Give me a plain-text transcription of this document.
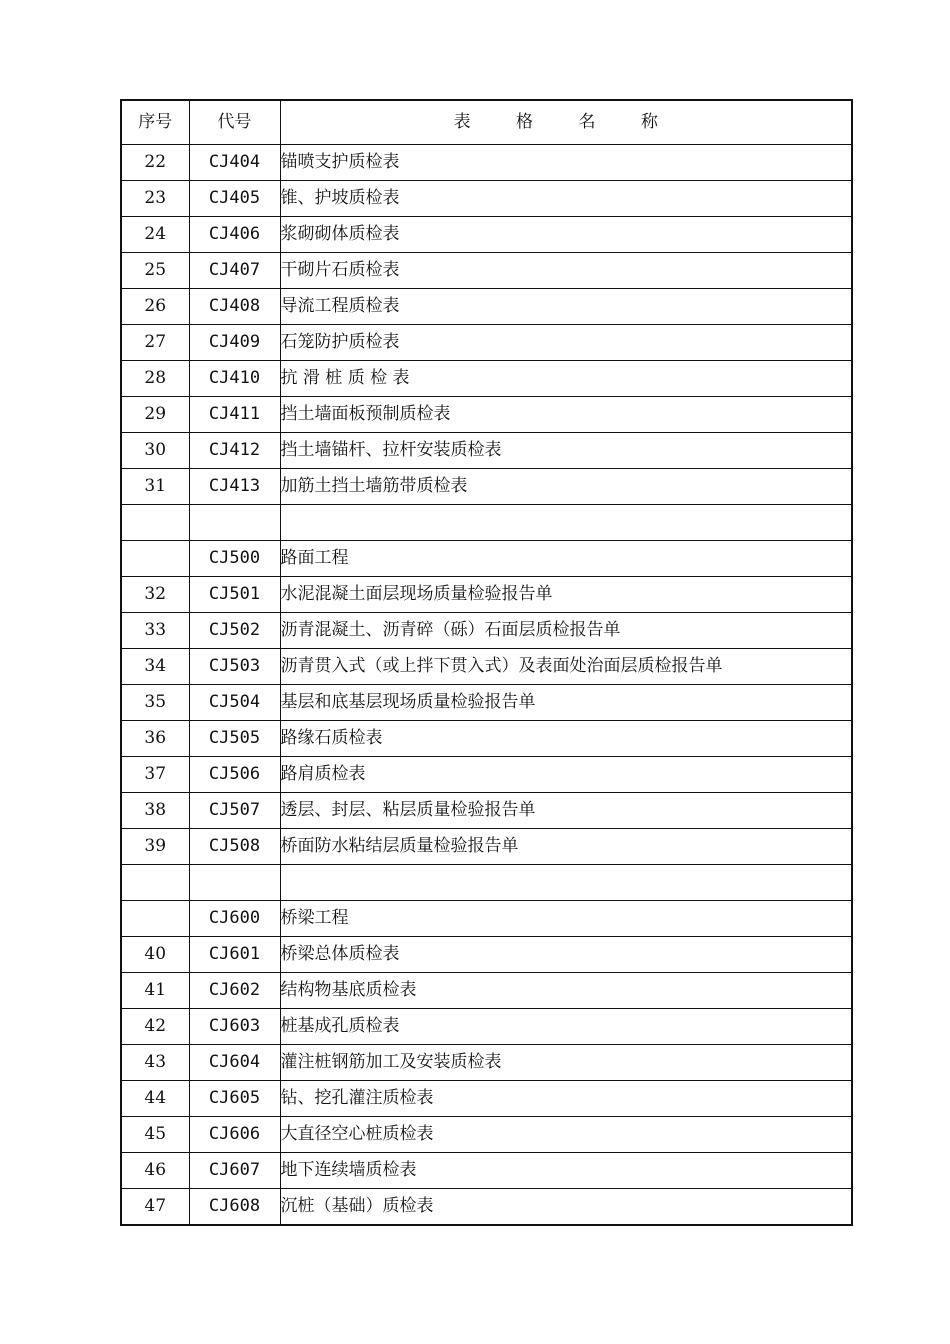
序号	代号	表 格 名 称
22	CJ404	锚喷支护质检表
23	CJ405	锥、护坡质检表
24	CJ406	浆砌砌体质检表
25	CJ407	干砌片石质检表
26	CJ408	导流工程质检表
27	CJ409	石笼防护质检表
28	CJ410	抗 滑 桩 质 检 表
29	CJ411	挡土墙面板预制质检表
30	CJ412	挡土墙锚杆、拉杆安装质检表
31	CJ413	加筋土挡土墙筋带质检表

	CJ500	路面工程
32	CJ501	水泥混凝土面层现场质量检验报告单
33	CJ502	沥青混凝土、沥青碎（砾）石面层质检报告单
34	CJ503	沥青贯入式（或上拌下贯入式）及表面处治面层质检报告单
35	CJ504	基层和底基层现场质量检验报告单
36	CJ505	路缘石质检表
37	CJ506	路肩质检表
38	CJ507	透层、封层、粘层质量检验报告单
39	CJ508	桥面防水粘结层质量检验报告单

	CJ600	桥梁工程
40	CJ601	桥梁总体质检表
41	CJ602	结构物基底质检表
42	CJ603	桩基成孔质检表
43	CJ604	灌注桩钢筋加工及安装质检表
44	CJ605	钻、挖孔灌注质检表
45	CJ606	大直径空心桩质检表
46	CJ607	地下连续墙质检表
47	CJ608	沉桩（基础）质检表
